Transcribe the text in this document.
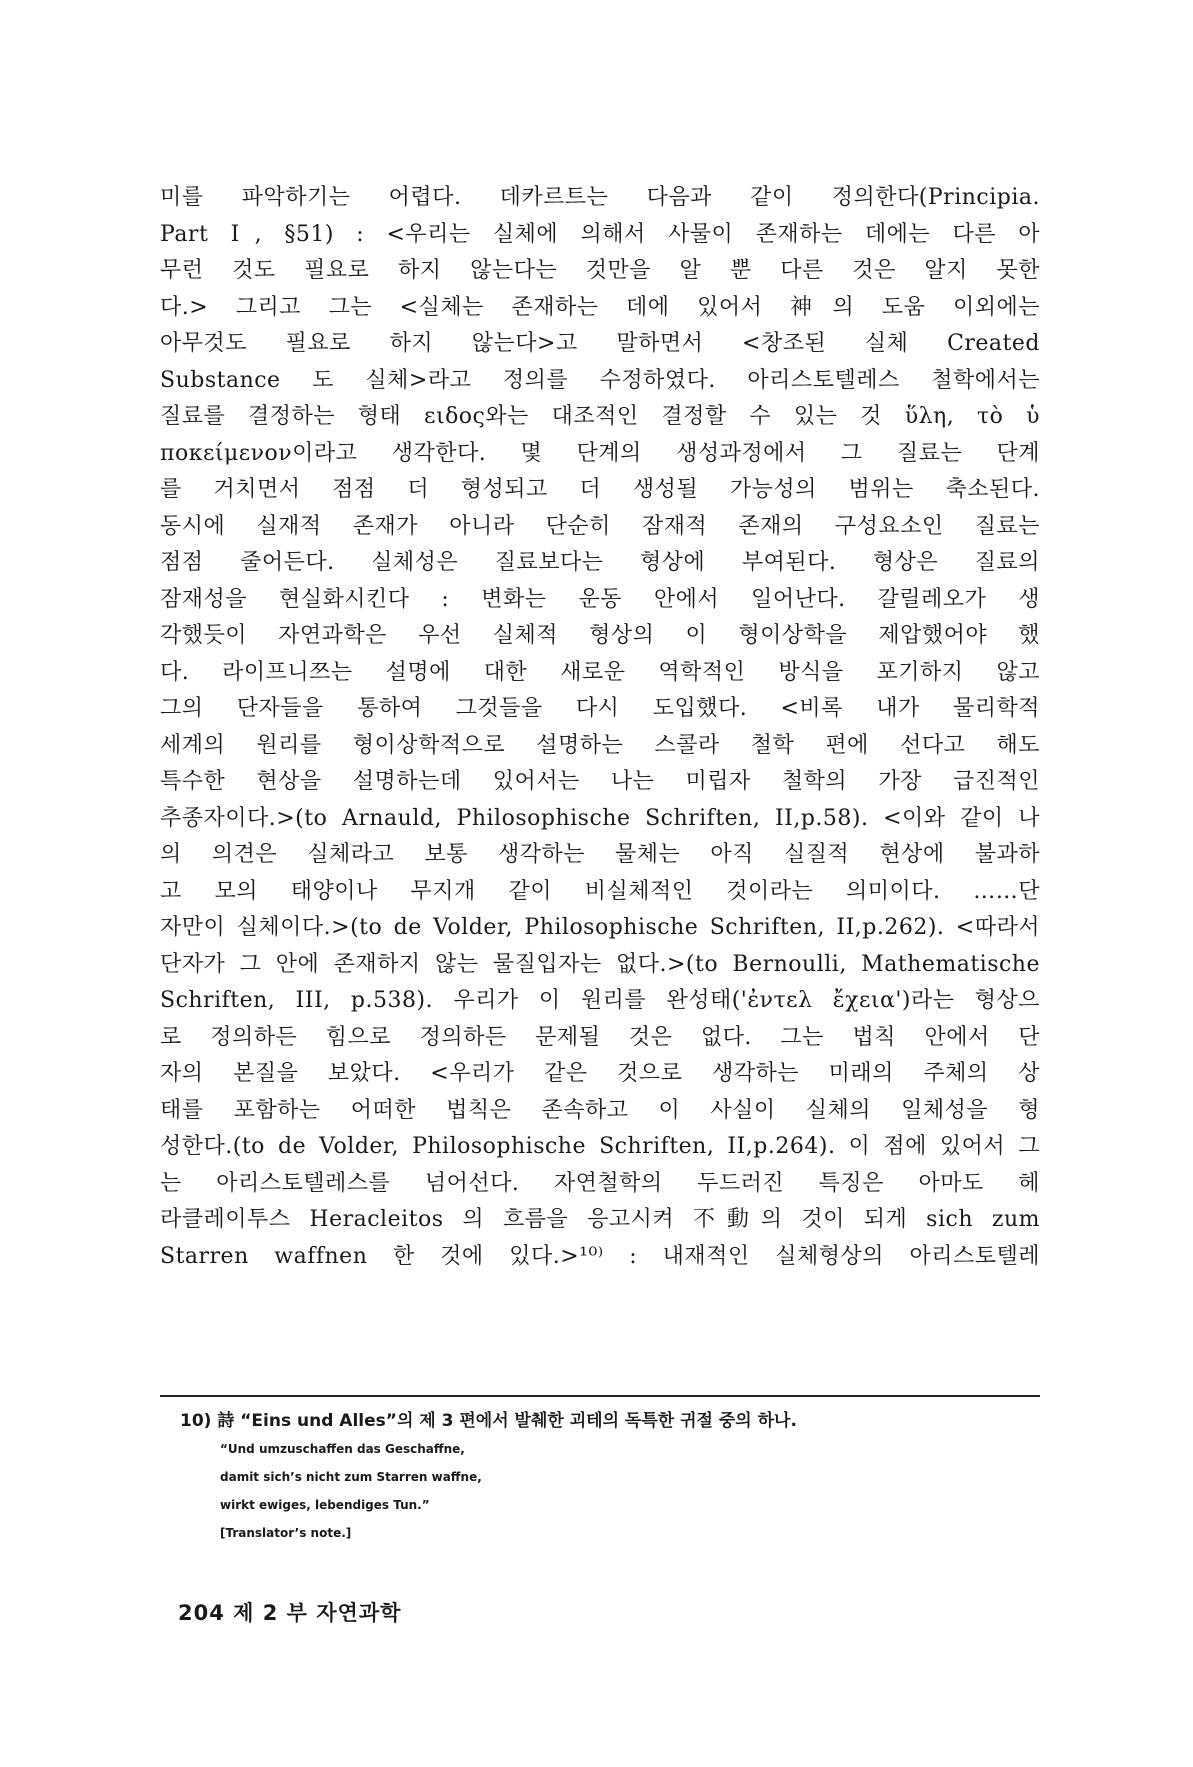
미를 파악하기는 어렵다. 데카르트는 다음과 같이 정의한다(Principia.
Part Ⅰ, §51) : <우리는 실체에 의해서 사물이 존재하는 데에는 다른 아
무런 것도 필요로 하지 않는다는 것만을 알 뿐 다른 것은 알지 못한
다.> 그리고 그는 <실체는 존재하는 데에 있어서 神의 도움 이외에는
아무것도 필요로 하지 않는다>고 말하면서 <창조된 실체 Created
Substance 도 실체>라고 정의를 수정하였다. 아리스토텔레스 철학에서는
질료를 결정하는 형태 ειδος와는 대조적인 결정할 수 있는 것 ὕλη, τὸ ὑ
ποκείμενον이라고 생각한다. 몇 단계의 생성과정에서 그 질료는 단계
를 거치면서 점점 더 형성되고 더 생성될 가능성의 범위는 축소된다.
동시에 실재적 존재가 아니라 단순히 잠재적 존재의 구성요소인 질료는
점점 줄어든다. 실체성은 질료보다는 형상에 부여된다. 형상은 질료의
잠재성을 현실화시킨다 : 변화는 운동 안에서 일어난다. 갈릴레오가 생
각했듯이 자연과학은 우선 실체적 형상의 이 형이상학을 제압했어야 했
다. 라이프니쯔는 설명에 대한 새로운 역학적인 방식을 포기하지 않고
그의 단자들을 통하여 그것들을 다시 도입했다. <비록 내가 물리학적
세계의 원리를 형이상학적으로 설명하는 스콜라 철학 편에 선다고 해도
특수한 현상을 설명하는데 있어서는 나는 미립자 철학의 가장 급진적인
추종자이다.>(to Arnauld, Philosophische Schriften, II,p.58). <이와 같이 나
의 의견은 실체라고 보통 생각하는 물체는 아직 실질적 현상에 불과하
고 모의 태양이나 무지개 같이 비실체적인 것이라는 의미이다. ……단
자만이 실체이다.>(to de Volder, Philosophische Schriften, II,p.262). <따라서
단자가 그 안에 존재하지 않는 물질입자는 없다.>(to Bernoulli, Mathematische
Schriften, III, p.538). 우리가 이 원리를 완성태('ἐντελ ἔχεια')라는 형상으
로 정의하든 힘으로 정의하든 문제될 것은 없다. 그는 법칙 안에서 단
자의 본질을 보았다. <우리가 같은 것으로 생각하는 미래의 주체의 상
태를 포함하는 어떠한 법칙은 존속하고 이 사실이 실체의 일체성을 형
성한다.(to de Volder, Philosophische Schriften, II,p.264). 이 점에 있어서 그
는 아리스토텔레스를 넘어선다. 자연철학의 두드러진 특징은 아마도 헤
라클레이투스 Heracleitos 의 흐름을 응고시켜 不動의 것이 되게 sich zum
Starren waffnen 한 것에 있다.>¹⁰⁾ : 내재적인 실체형상의 아리스토텔레
10) 詩 “Eins und Alles”의 제 3 편에서 발췌한 괴테의 독특한 귀절 중의 하나.
“Und umzuschaffen das Geschaffne,
damit sich’s nicht zum Starren waffne,
wirkt ewiges, lebendiges Tun.”
[Translator’s note.]
204 제 2 부 자연과학
